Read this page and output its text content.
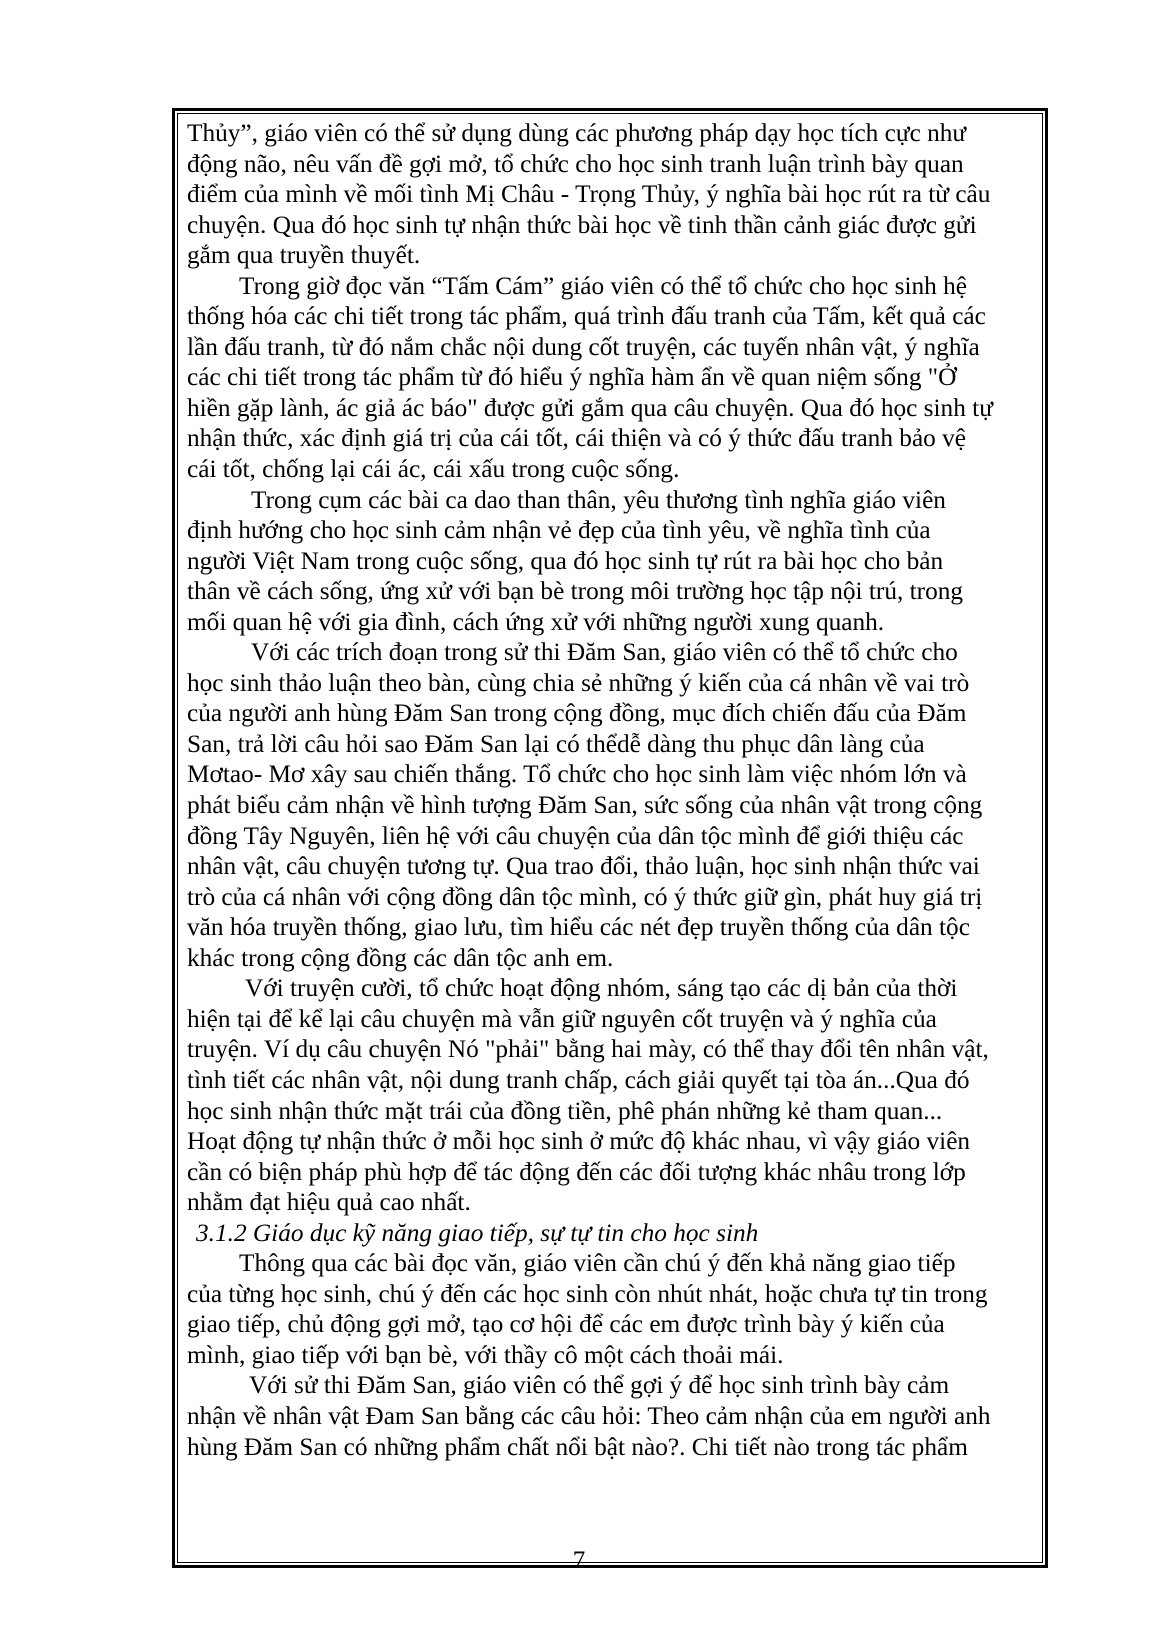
Thủy”, giáo viên có thể sử dụng dùng các phương pháp dạy học tích cực như
động não, nêu vấn đề gợi mở, tổ chức cho học sinh tranh luận trình bày quan
điểm của mình về mối tình Mị Châu - Trọng Thủy, ý nghĩa bài học rút ra từ câu
chuyện. Qua đó học sinh tự nhận thức bài học về tinh thần cảnh giác được gửi
gắm qua truyền thuyết.
Trong giờ đọc văn “Tấm Cám” giáo viên có thể tổ chức cho học sinh hệ
thống hóa các chi tiết trong tác phẩm, quá trình đấu tranh của Tấm, kết quả các
lần đấu tranh, từ đó nắm chắc nội dung cốt truyện, các tuyến nhân vật, ý nghĩa
các chi tiết trong tác phẩm từ đó hiểu ý nghĩa hàm ẩn về quan niệm sống "Ở
hiền gặp lành, ác giả ác báo" được gửi gắm qua câu chuyện. Qua đó học sinh tự
nhận thức, xác định giá trị của cái tốt, cái thiện và có ý thức đấu tranh bảo vệ
cái tốt, chống lại cái ác, cái xấu trong cuộc sống.
Trong cụm các bài ca dao than thân, yêu thương tình nghĩa giáo viên
định hướng cho học sinh cảm nhận vẻ đẹp của tình yêu, về nghĩa tình của
người Việt Nam trong cuộc sống, qua đó học sinh tự rút ra bài học cho bản
thân về cách sống, ứng xử với bạn bè trong môi trường học tập nội trú, trong
mối quan hệ với gia đình, cách ứng xử với những người xung quanh.
Với các trích đoạn trong sử thi Đăm San, giáo viên có thể tổ chức cho
học sinh thảo luận theo bàn, cùng chia sẻ những ý kiến của cá nhân về vai trò
của người anh hùng Đăm San trong cộng đồng, mục đích chiến đấu của Đăm
San, trả lời câu hỏi sao Đăm San lại có thểdễ dàng thu phục dân làng của
Mơtao- Mơ xây sau chiến thắng. Tổ chức cho học sinh làm việc nhóm lớn và
phát biểu cảm nhận về hình tượng Đăm San, sức sống của nhân vật trong cộng
đồng Tây Nguyên, liên hệ với câu chuyện của dân tộc mình để giới thiệu các
nhân vật, câu chuyện tương tự. Qua trao đổi, thảo luận, học sinh nhận thức vai
trò của cá nhân với cộng đồng dân tộc mình, có ý thức giữ gìn, phát huy giá trị
văn hóa truyền thống, giao lưu, tìm hiểu các nét đẹp truyền thống của dân tộc
khác trong cộng đồng các dân tộc anh em.
Với truyện cười, tổ chức hoạt động nhóm, sáng tạo các dị bản của thời
hiện tại để kể lại câu chuyện mà vẫn giữ nguyên cốt truyện và ý nghĩa của
truyện. Ví dụ câu chuyện Nó "phải" bằng hai mày, có thể thay đổi tên nhân vật,
tình tiết các nhân vật, nội dung tranh chấp, cách giải quyết tại tòa án...Qua đó
học sinh nhận thức mặt trái của đồng tiền, phê phán những kẻ tham quan...
Hoạt động tự nhận thức ở mỗi học sinh ở mức độ khác nhau, vì vậy giáo viên
cần có biện pháp phù hợp để tác động đến các đối tượng khác nhâu trong lớp
nhằm đạt hiệu quả cao nhất.
3.1.2 Giáo dục kỹ năng giao tiếp, sự tự tin cho học sinh
Thông qua các bài đọc văn, giáo viên cần chú ý đến khả năng giao tiếp
của từng học sinh, chú ý đến các học sinh còn nhút nhát, hoặc chưa tự tin trong
giao tiếp, chủ động gợi mở, tạo cơ hội để các em được trình bày ý kiến của
mình, giao tiếp với bạn bè, với thầy cô một cách thoải mái.
Với sử thi Đăm San, giáo viên có thể gợi ý để học sinh trình bày cảm
nhận về nhân vật Đam San bằng các câu hỏi: Theo cảm nhận của em người anh
hùng Đăm San có những phẩm chất nổi bật nào?. Chi tiết nào trong tác phẩm
7
